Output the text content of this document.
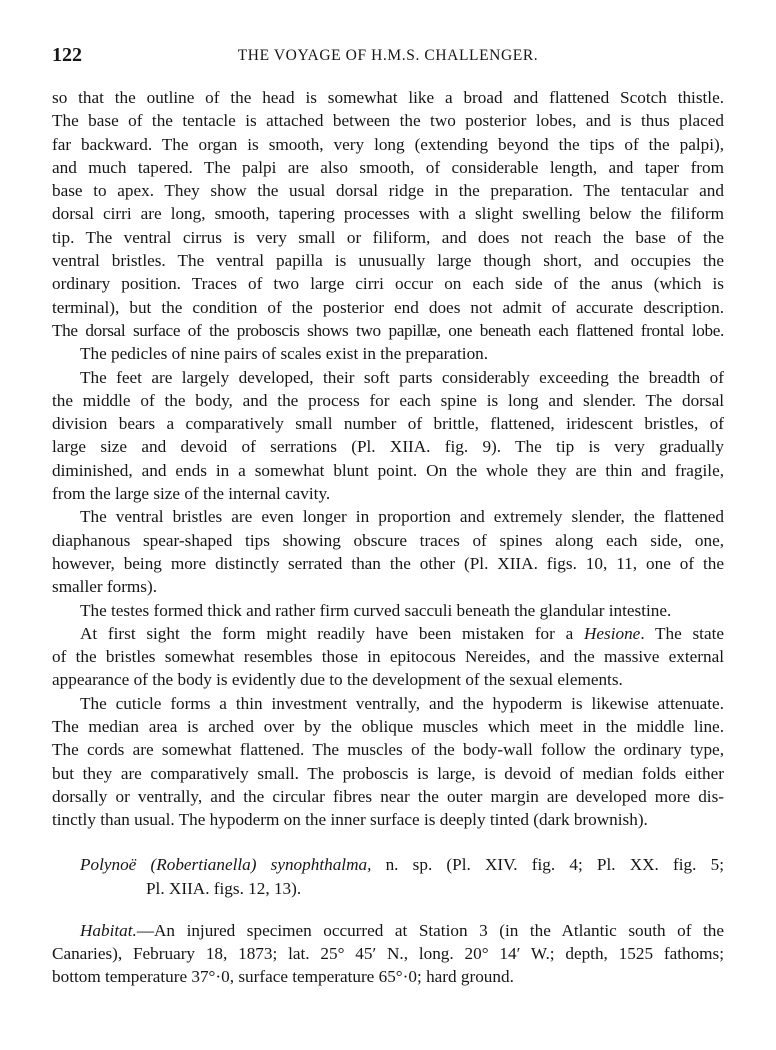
122	THE VOYAGE OF H.M.S. CHALLENGER.
so that the outline of the head is somewhat like a broad and flattened Scotch thistle.
The base of the tentacle is attached between the two posterior lobes, and is thus placed
far backward. The organ is smooth, very long (extending beyond the tips of the palpi),
and much tapered. The palpi are also smooth, of considerable length, and taper from
base to apex. They show the usual dorsal ridge in the preparation. The tentacular and
dorsal cirri are long, smooth, tapering processes with a slight swelling below the filiform
tip. The ventral cirrus is very small or filiform, and does not reach the base of the
ventral bristles. The ventral papilla is unusually large though short, and occupies the
ordinary position. Traces of two large cirri occur on each side of the anus (which is
terminal), but the condition of the posterior end does not admit of accurate description.
The dorsal surface of the proboscis shows two papillæ, one beneath each flattened frontal lobe.
The pedicles of nine pairs of scales exist in the preparation.
The feet are largely developed, their soft parts considerably exceeding the breadth of
the middle of the body, and the process for each spine is long and slender. The dorsal
division bears a comparatively small number of brittle, flattened, iridescent bristles, of
large size and devoid of serrations (Pl. XIIA. fig. 9). The tip is very gradually
diminished, and ends in a somewhat blunt point. On the whole they are thin and fragile,
from the large size of the internal cavity.
The ventral bristles are even longer in proportion and extremely slender, the flattened
diaphanous spear-shaped tips showing obscure traces of spines along each side, one,
however, being more distinctly serrated than the other (Pl. XIIA. figs. 10, 11, one of the
smaller forms).
The testes formed thick and rather firm curved sacculi beneath the glandular intestine.
At first sight the form might readily have been mistaken for a Hesione. The state
of the bristles somewhat resembles those in epitocous Nereides, and the massive external
appearance of the body is evidently due to the development of the sexual elements.
The cuticle forms a thin investment ventrally, and the hypoderm is likewise attenuate.
The median area is arched over by the oblique muscles which meet in the middle line.
The cords are somewhat flattened. The muscles of the body-wall follow the ordinary type,
but they are comparatively small. The proboscis is large, is devoid of median folds either
dorsally or ventrally, and the circular fibres near the outer margin are developed more dis-
tinctly than usual. The hypoderm on the inner surface is deeply tinted (dark brownish).
Polynoë (Robertianella) synophthalma, n. sp. (Pl. XIV. fig. 4; Pl. XX. fig. 5;
Pl. XIIA. figs. 12, 13).
Habitat.—An injured specimen occurred at Station 3 (in the Atlantic south of the
Canaries), February 18, 1873; lat. 25° 45′ N., long. 20° 14′ W.; depth, 1525 fathoms;
bottom temperature 37°·0, surface temperature 65°·0; hard ground.
